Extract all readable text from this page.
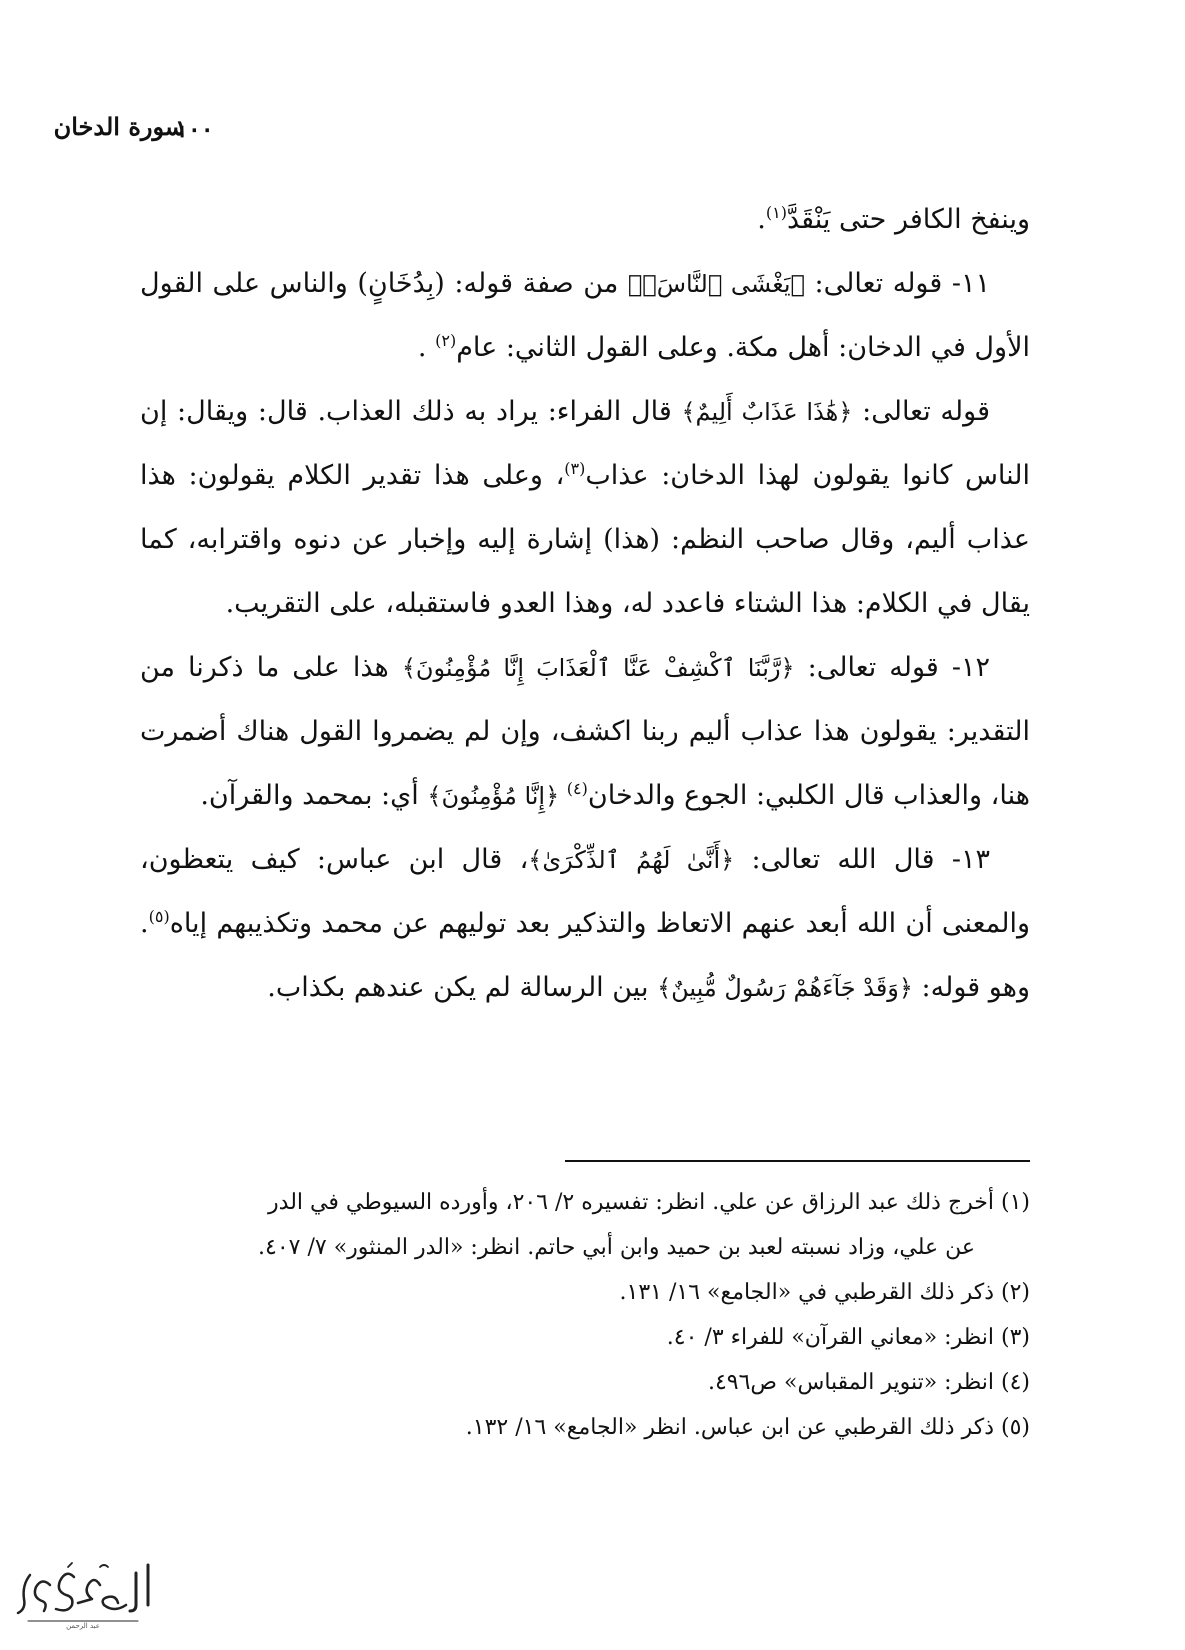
سورة الدخان
١٠٠

وينفخ الكافر حتى يَنْقَدَّ$^{(١)}$.

١١- قوله تعالى: ﴿يَغْشَى ٱلنَّاسَۖ﴾ من صفة قوله: (بِدُخَانٍ) والناس على القول الأول في الدخان: أهل مكة. وعلى القول الثاني: عام$^{(٢)}$ .

قوله تعالى: ﴿هَٰذَا عَذَابٌ أَلِيمٌ﴾ قال الفراء: يراد به ذلك العذاب. قال: ويقال: إن الناس كانوا يقولون لهذا الدخان: عذاب$^{(٣)}$، وعلى هذا تقدير الكلام يقولون: هذا عذاب أليم، وقال صاحب النظم: (هذا) إشارة إليه وإخبار عن دنوه واقترابه، كما يقال في الكلام: هذا الشتاء فاعدد له، وهذا العدو فاستقبله، على التقريب.

١٢- قوله تعالى: ﴿رَّبَّنَا ٱكْشِفْ عَنَّا ٱلْعَذَابَ إِنَّا مُؤْمِنُونَ﴾ هذا على ما ذكرنا من التقدير: يقولون هذا عذاب أليم ربنا اكشف، وإن لم يضمروا القول هناك أضمرت هنا، والعذاب قال الكلبي: الجوع والدخان$^{(٤)}$ ﴿إِنَّا مُؤْمِنُونَ﴾ أي: بمحمد والقرآن.

١٣- قال الله تعالى: ﴿أَنَّىٰ لَهُمُ ٱلذِّكْرَىٰ﴾، قال ابن عباس: كيف يتعظون، والمعنى أن الله أبعد عنهم الاتعاظ والتذكير بعد توليهم عن محمد وتكذيبهم إياه$^{(٥)}$. وهو قوله: ﴿وَقَدْ جَآءَهُمْ رَسُولٌ مُّبِينٌ﴾ بين الرسالة لم يكن عندهم بكذاب.

(١) أخرج ذلك عبد الرزاق عن علي. انظر: تفسيره ٢/ ٢٠٦، وأورده السيوطي في الدر

عن علي، وزاد نسبته لعبد بن حميد وابن أبي حاتم. انظر: «الدر المنثور» ٧/ ٤٠٧.

(٢) ذكر ذلك القرطبي في «الجامع» ١٦/ ١٣١.

(٣) انظر: «معاني القرآن» للفراء ٣/ ٤٠.

(٤) انظر: «تنوير المقباس» ص٤٩٦.

(٥) ذكر ذلك القرطبي عن ابن عباس. انظر «الجامع» ١٦/ ١٣٢.

عبد الرحمن
